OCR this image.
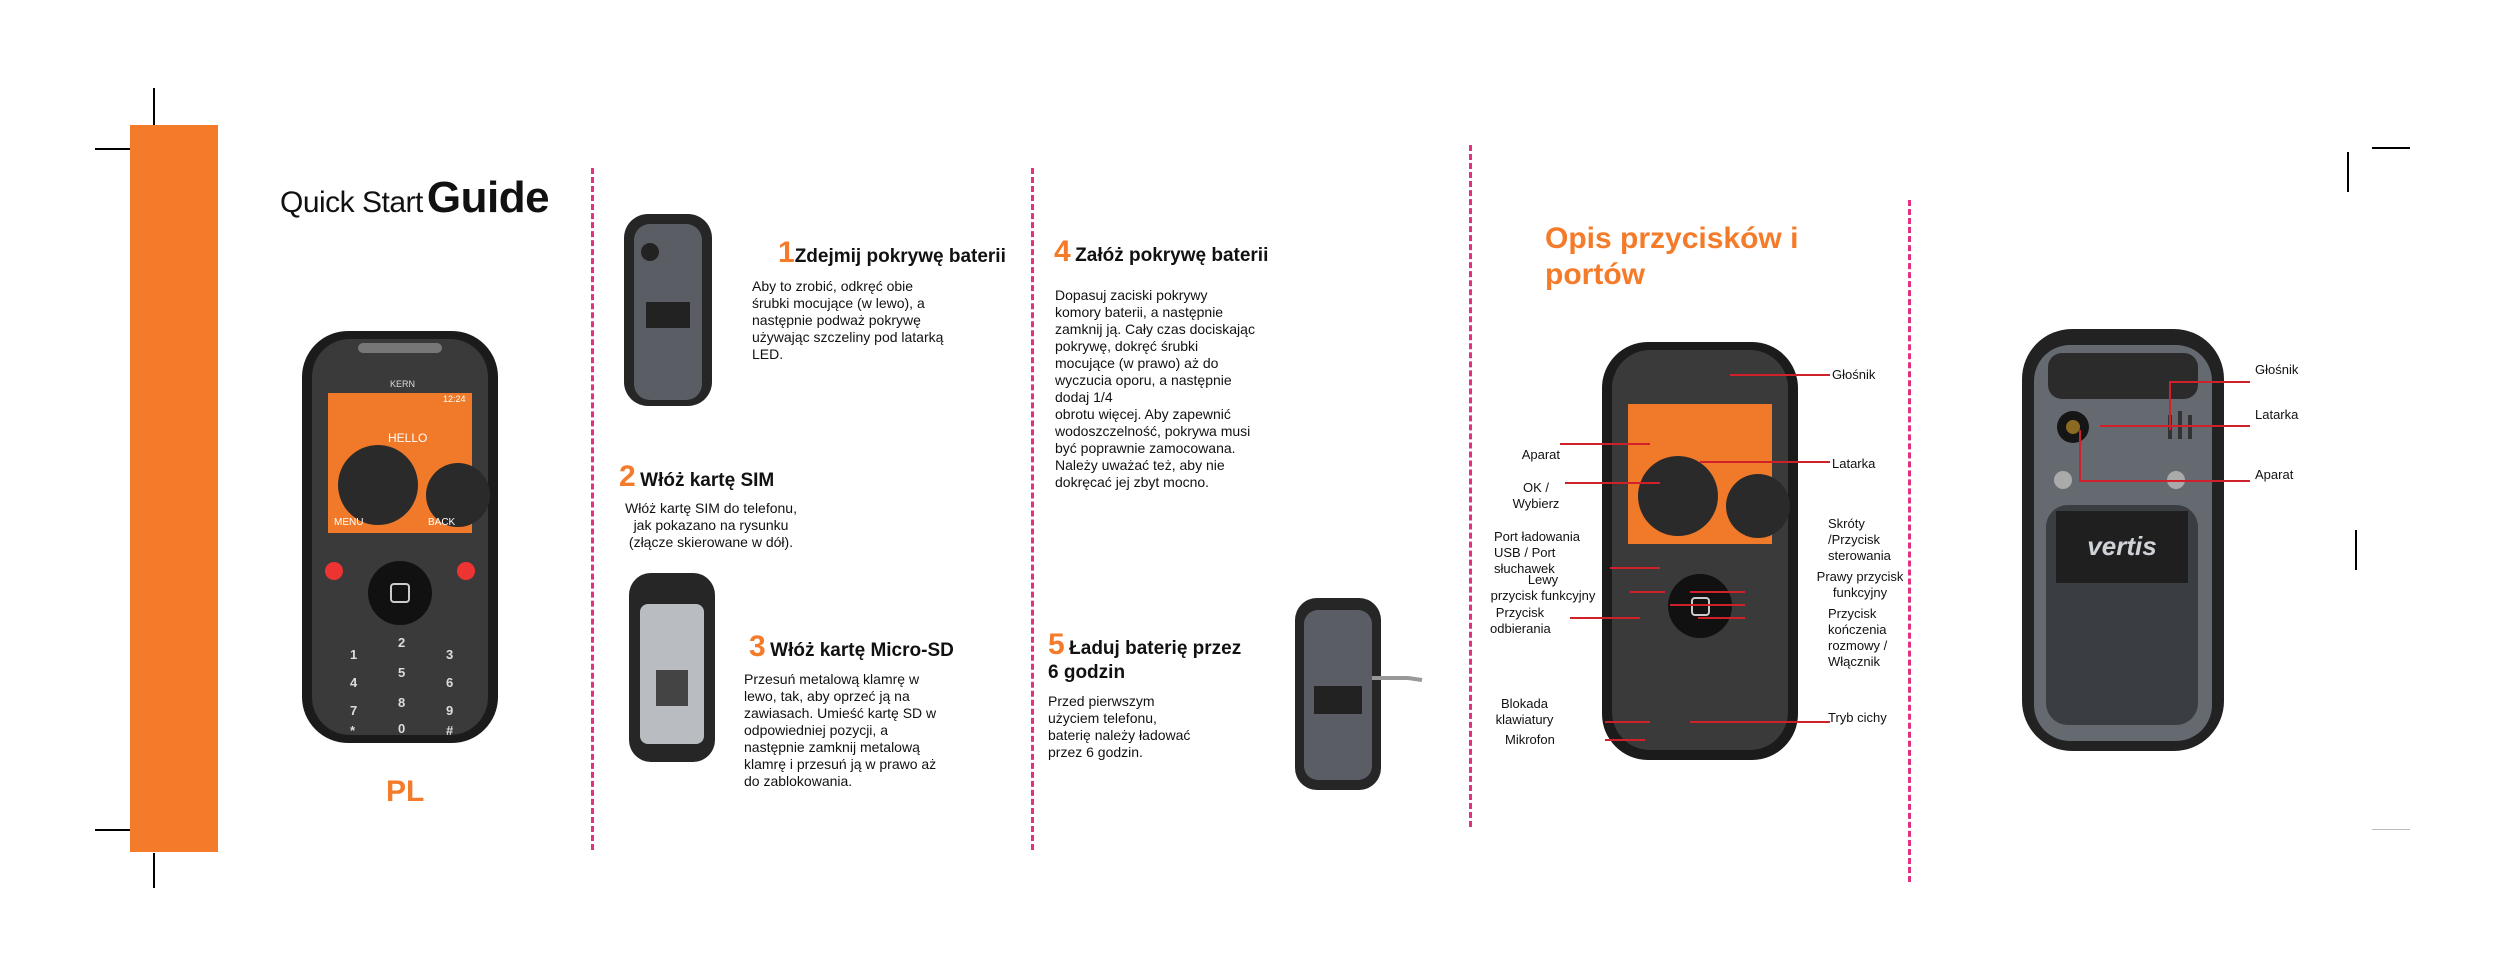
Quick StartGuide
HELLO
KERN
12:24
MENU	BACK
1
2
3
4
5
6
7
8
9
*	0	#
PL
1Zdejmij pokrywę baterii
Aby to zrobić, odkręć obie
śrubki mocujące (w lewo), a
następnie podważ pokrywę
używając szczeliny pod latarką
LED.
2 Włóż kartę SIM
Włóż kartę SIM do telefonu,
jak pokazano na rysunku
(złącze skierowane w dół).
3 Włóż kartę Micro-SD
Przesuń metalową klamrę w
lewo, tak, aby oprzeć ją na
zawiasach. Umieść kartę SD w
odpowiedniej pozycji, a
następnie zamknij metalową
klamrę i przesuń ją w prawo aż
do zablokowania.
4 Załóż pokrywę baterii
Dopasuj zaciski pokrywy
komory baterii, a następnie
zamknij ją. Cały czas dociskając
pokrywę, dokręć śrubki
mocujące (w prawo) aż do
wyczucia oporu, a następnie
dodaj 1/4
obrotu więcej. Aby zapewnić
wodoszczelność, pokrywa musi
być poprawnie zamocowana.
Należy uważać też, aby nie
dokręcać jej zbyt mocno.
5 Ładuj baterię przez
6 godzin
Przed pierwszym
użyciem telefonu,
baterię należy ładować
przez 6 godzin.
Opis przycisków i
portów
Aparat
OK /
Wybierz
Port ładowania
USB / Port
słuchawek
Lewy
przycisk funkcyjny
Przycisk
odbierania
Blokada
klawiatury
Mikrofon
Głośnik
Latarka
Skróty
/Przycisk
sterowania
Prawy przycisk
funkcyjny
Przycisk
kończenia
rozmowy /
Włącznik
Tryb cichy
vertis
Głośnik
Latarka
Aparat
